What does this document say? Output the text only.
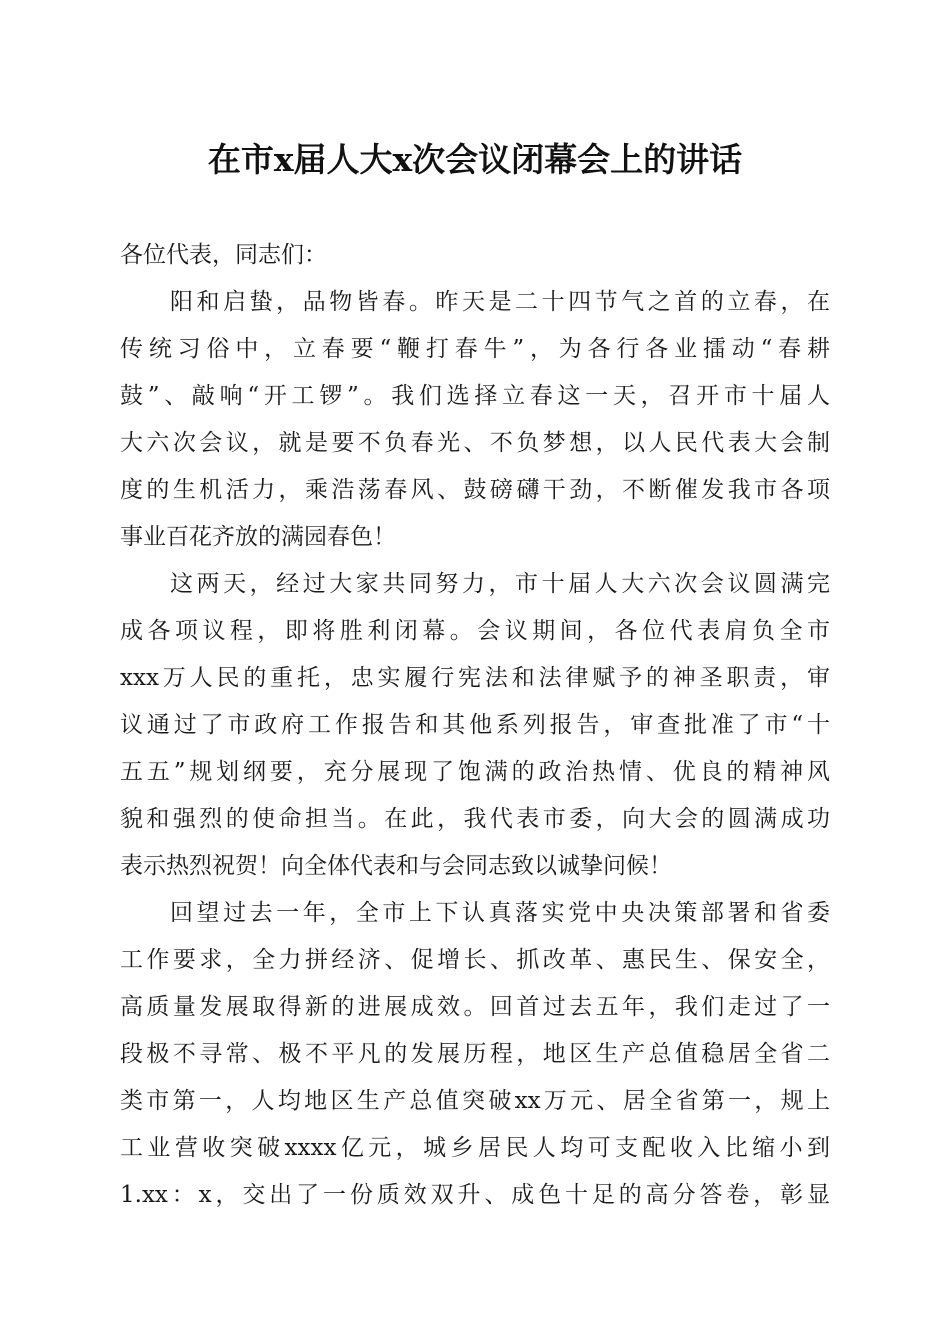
在市x届人大x次会议闭幕会上的讲话
各位代表，同志们：
阳和启蛰，品物皆春。昨天是二十四节气之首的立春，在
传统习俗中，立春要“鞭打春牛”，为各行各业擂动“春耕
鼓”、敲响“开工锣”。我们选择立春这一天，召开市十届人
大六次会议，就是要不负春光、不负梦想，以人民代表大会制
度的生机活力，乘浩荡春风、鼓磅礴干劲，不断催发我市各项
事业百花齐放的满园春色！
这两天，经过大家共同努力，市十届人大六次会议圆满完
成各项议程，即将胜利闭幕。会议期间，各位代表肩负全市
xxx万人民的重托，忠实履行宪法和法律赋予的神圣职责，审
议通过了市政府工作报告和其他系列报告，审查批准了市“十
五五”规划纲要，充分展现了饱满的政治热情、优良的精神风
貌和强烈的使命担当。在此，我代表市委，向大会的圆满成功
表示热烈祝贺！向全体代表和与会同志致以诚挚问候！
回望过去一年，全市上下认真落实党中央决策部署和省委
工作要求，全力拼经济、促增长、抓改革、惠民生、保安全，
高质量发展取得新的进展成效。回首过去五年，我们走过了一
段极不寻常、极不平凡的发展历程，地区生产总值稳居全省二
类市第一，人均地区生产总值突破xx万元、居全省第一，规上
工业营收突破xxxx亿元，城乡居民人均可支配收入比缩小到
1.xx：x，交出了一份质效双升、成色十足的高分答卷，彰显
